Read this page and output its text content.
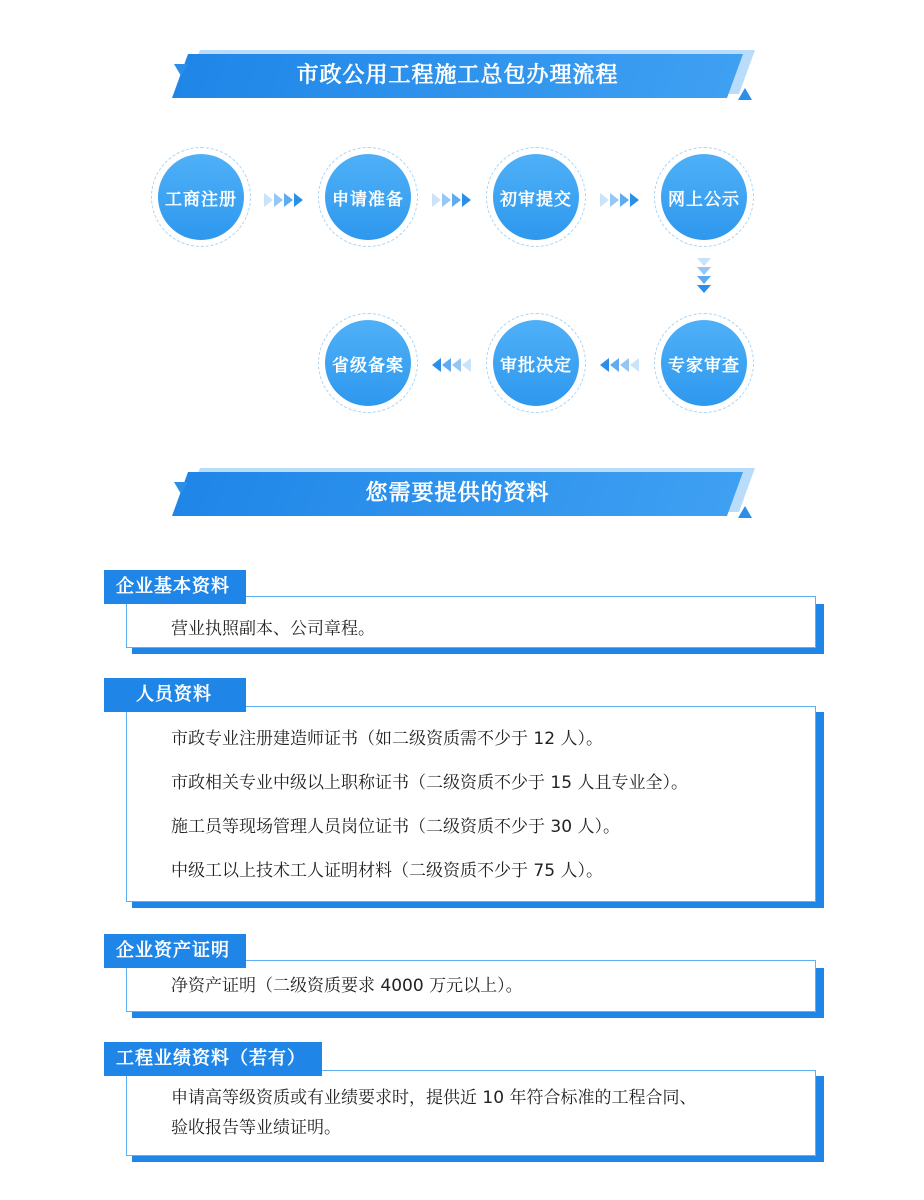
市政公用工程施工总包办理流程
工商注册	申请准备	初审提交	网上公示
专家审查
审批决定
省级备案
您需要提供的资料
营业执照副本、公司章程。
企业基本资料
市政专业注册建造师证书（如二级资质需不少于 12 人）。
市政相关专业中级以上职称证书（二级资质不少于 15 人且专业全）。
施工员等现场管理人员岗位证书（二级资质不少于 30 人）。
中级工以上技术工人证明材料（二级资质不少于 75 人）。
人员资料
净资产证明（二级资质要求 4000 万元以上）。
企业资产证明
申请高等级资质或有业绩要求时，提供近 10 年符合标准的工程合同、
验收报告等业绩证明。
工程业绩资料（若有）
